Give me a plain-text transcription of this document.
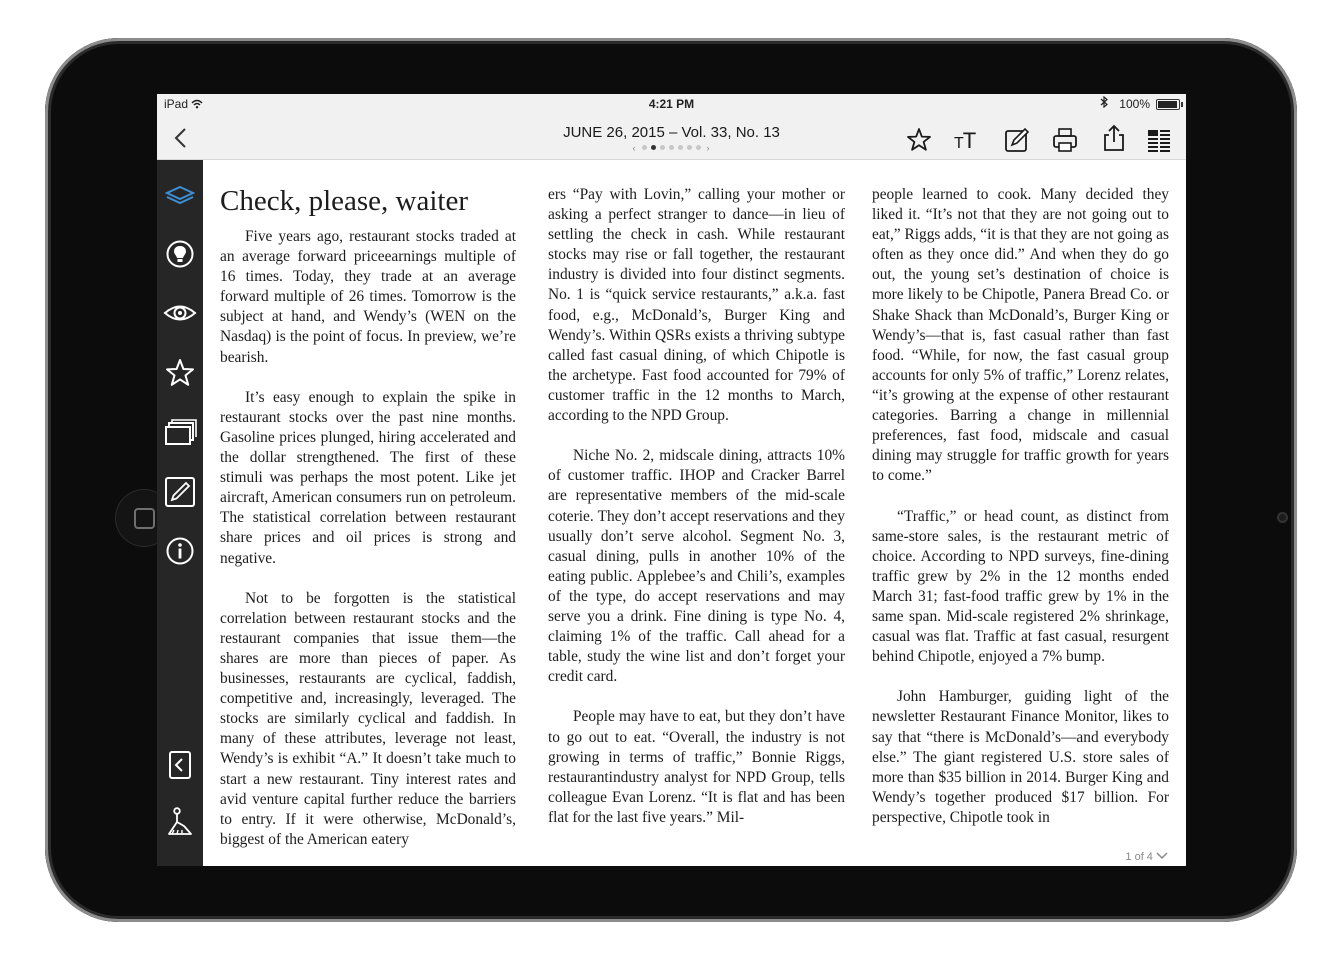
iPad	4:21 PM	100%
JUNE 26, 2015 – Vol. 33, No. 13
‹	›	TT
Check, please, waiter

Five years ago, restaurant stocks traded at an average forward priceearnings multiple of 16 times. Today, they trade at an average forward multiple of 26 times. Tomorrow is the subject at hand, and Wendy’s (WEN on the Nasdaq) is the point of focus. In preview, we’re bearish.

It’s easy enough to explain the spike in restaurant stocks over the past nine months. Gasoline prices plunged, hiring accelerated and the dollar strengthened. The first of these stimuli was perhaps the most potent. Like jet aircraft, American consumers run on petroleum. The statistical correlation between restaurant share prices and oil prices is strong and negative.

Not to be forgotten is the statistical correlation between restaurant stocks and the restaurant companies that issue them—the shares are more than pieces of paper. As businesses, restaurants are cyclical, faddish, competitive and, increasingly, leveraged. The stocks are similarly cyclical and faddish. In many of these attributes, leverage not least, Wendy’s is exhibit “A.” It doesn’t take much to start a new restaurant. Tiny interest rates and avid venture capital further reduce the barriers to entry. If it were otherwise, McDonald’s, biggest of the American eatery

ers “Pay with Lovin,” calling your mother or asking a perfect stranger to dance—in lieu of settling the check in cash. While restaurant stocks may rise or fall together, the restaurant industry is divided into four distinct segments. No. 1 is “quick service restaurants,” a.k.a. fast food, e.g., McDonald’s, Burger King and Wendy’s. Within QSRs exists a thriving subtype called fast casual dining, of which Chipotle is the archetype. Fast food accounted for 79% of customer traffic in the 12 months to March, according to the NPD Group.

Niche No. 2, midscale dining, attracts 10% of customer traffic. IHOP and Cracker Barrel are representative members of the mid-scale coterie. They don’t accept reservations and they usually don’t serve alcohol. Segment No. 3, casual dining, pulls in another 10% of the eating public. Applebee’s and Chili’s, examples of the type, do accept reservations and may serve you a drink. Fine dining is type No. 4, claiming 1% of the traffic. Call ahead for a table, study the wine list and don’t forget your credit card.

People may have to eat, but they don’t have to go out to eat. “Overall, the industry is not growing in terms of traffic,” Bonnie Riggs, restaurantindustry analyst for NPD Group, tells colleague Evan Lorenz. “It is flat and has been flat for the last five years.” Mil-

people learned to cook. Many decided they liked it. “It’s not that they are not going out to eat,” Riggs adds, “it is that they are not going as often as they once did.” And when they do go out, the young set’s destination of choice is more likely to be Chipotle, Panera Bread Co. or Shake Shack than McDonald’s, Burger King or Wendy’s—that is, fast casual rather than fast food. “While, for now, the fast casual group accounts for only 5% of traffic,” Lorenz relates, “it’s growing at the expense of other restaurant categories. Barring a change in millennial preferences, fast food, midscale and casual dining may struggle for traffic growth for years to come.”

“Traffic,” or head count, as distinct from same-store sales, is the restaurant metric of choice. According to NPD surveys, fine-dining traffic grew by 2% in the 12 months ended March 31; fast-food traffic grew by 1% in the same span. Mid-scale registered 2% shrinkage, casual was flat. Traffic at fast casual, resurgent behind Chipotle, enjoyed a 7% bump.

John Hamburger, guiding light of the newsletter Restaurant Finance Monitor, likes to say that “there is McDonald’s—and everybody else.” The giant registered U.S. store sales of more than $35 billion in 2014. Burger King and Wendy’s together produced $17 billion. For perspective, Chipotle took in

1 of 4
